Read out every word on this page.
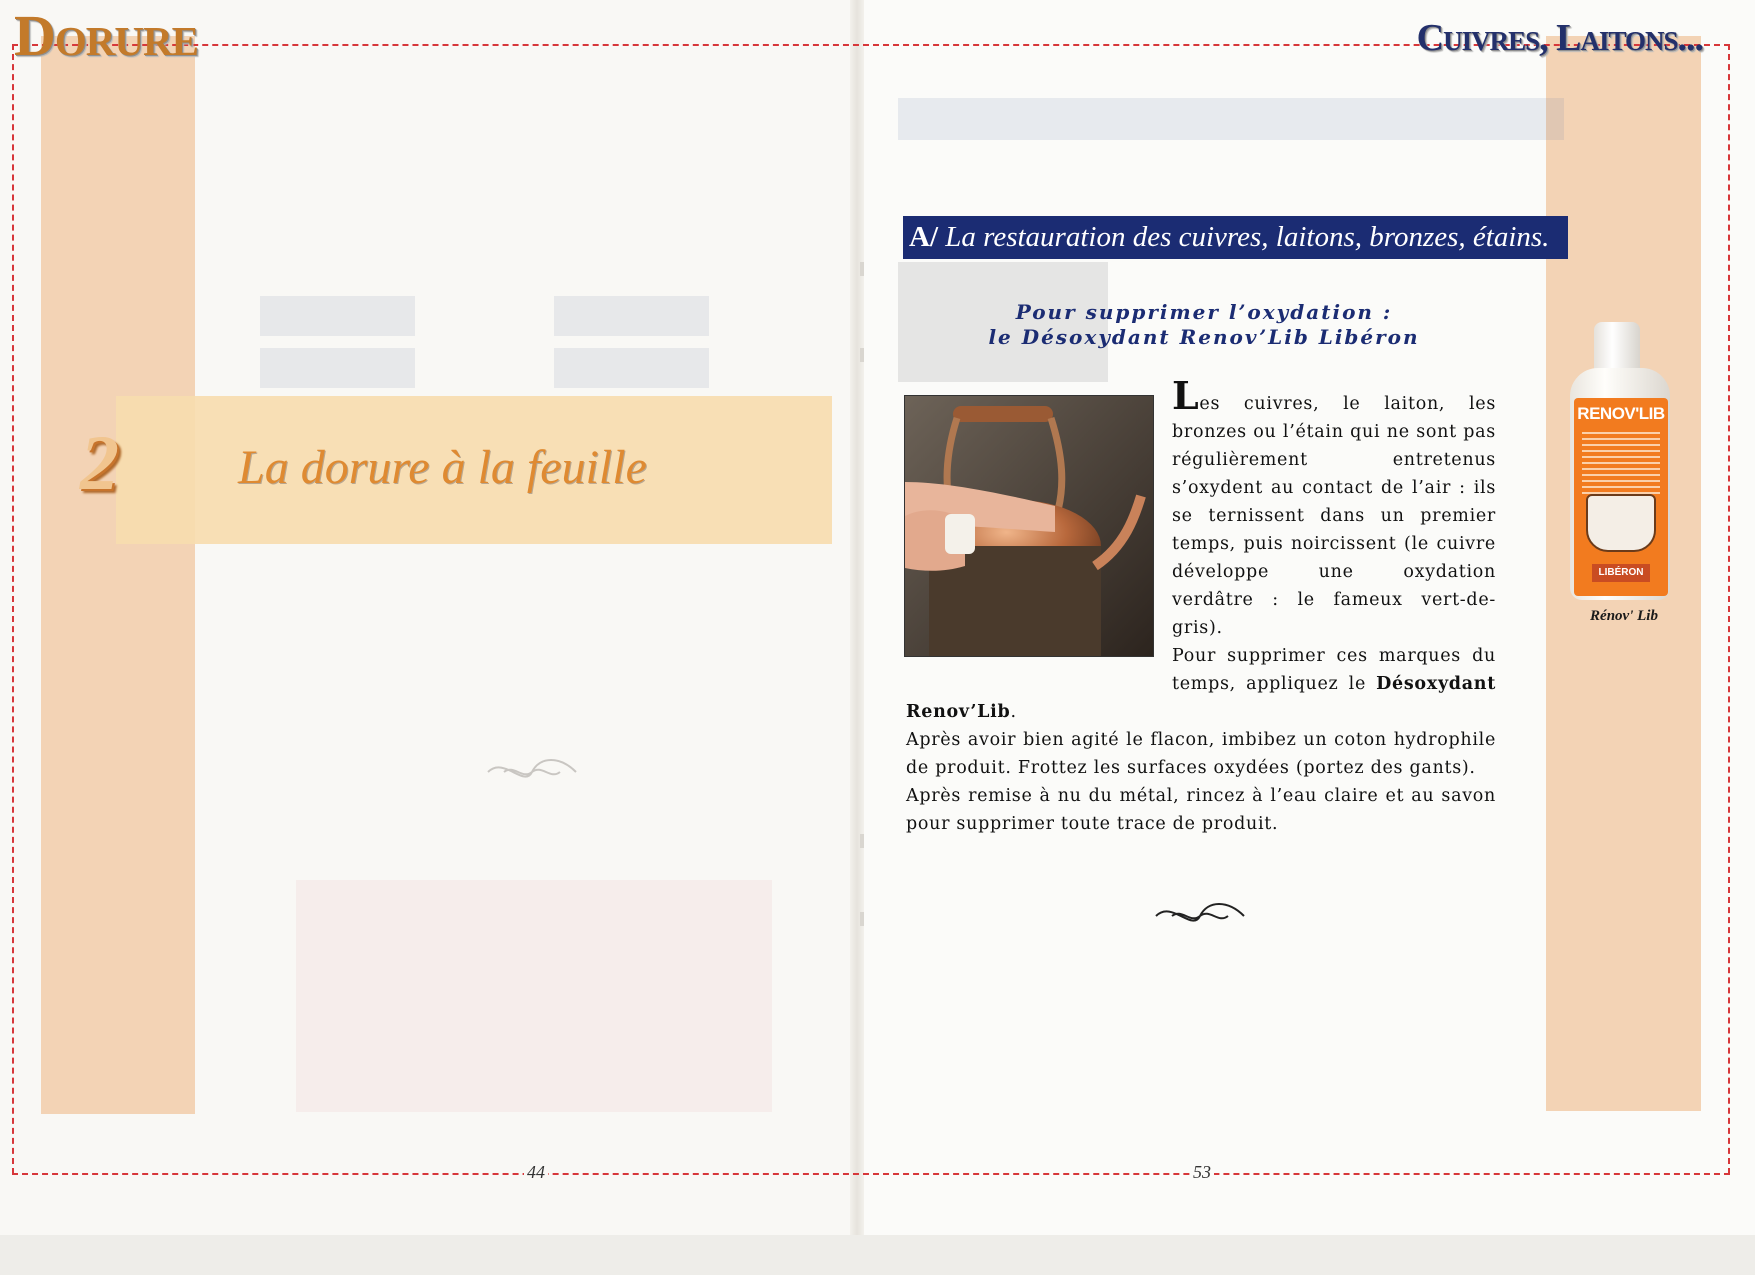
Dorure	Cuivres, Laitons...
2 La dorure à la feuille
44	53
A/ La restauration des cuivres, laitons, bronzes, étains.
Pour supprimer l’oxydation :
le Désoxydant Renov’Lib Libéron

Les cuivres, le laiton, les bronzes ou l’étain qui ne sont pas régulièrement entretenus s’oxydent au contact de l’air : ils se ternissent dans un premier temps, puis noircissent (le cuivre développe une oxydation verdâtre : le fameux vert-de-gris).

Pour supprimer ces marques du temps, appliquez le Désoxydant Renov’Lib.

Après avoir bien agité le flacon, imbibez un coton hydrophile de produit. Frottez les surfaces oxydées (portez des gants).

Après remise à nu du métal, rincez à l’eau claire et au savon pour supprimer toute trace de produit.

RENOV'LIB
LIBÉRON
Rénov' Lib
